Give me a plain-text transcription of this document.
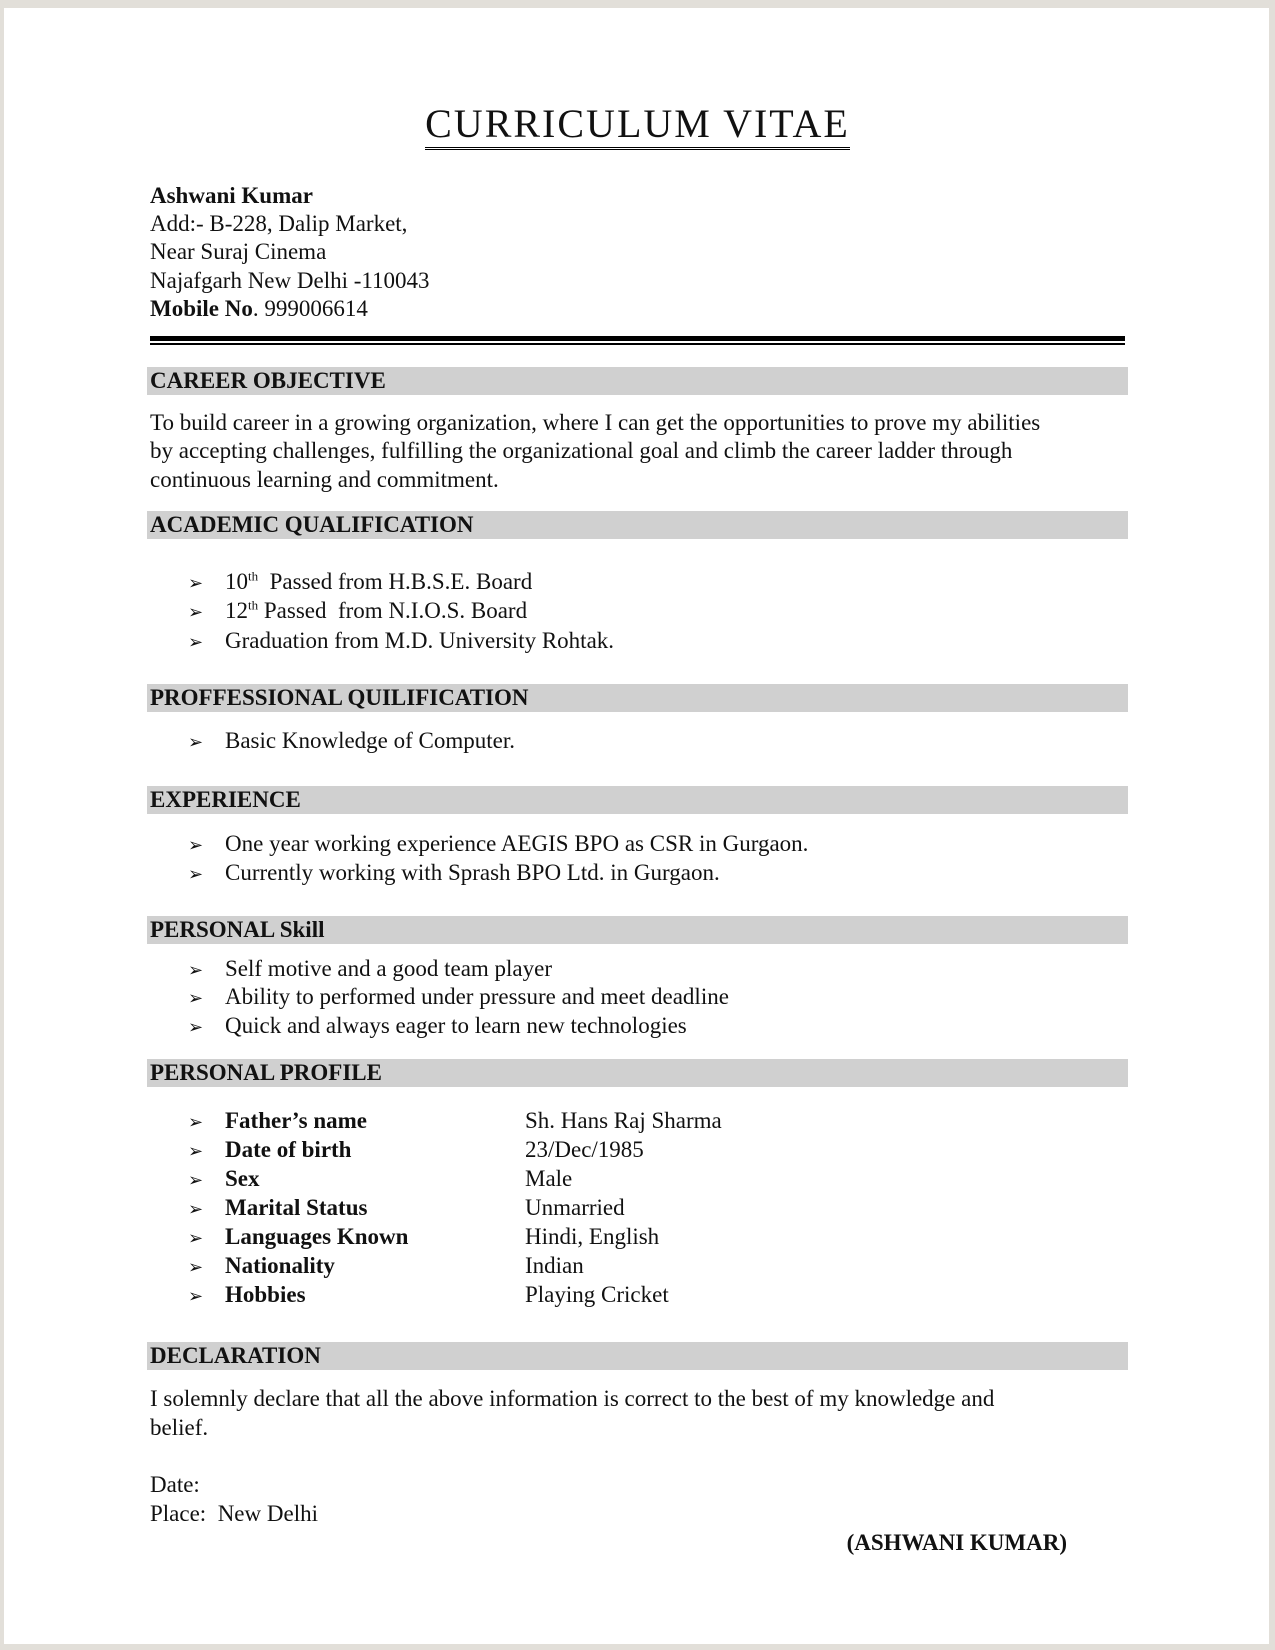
CURRICULUM VITAE
Ashwani Kumar
Add:- B-228, Dalip Market,
Near Suraj Cinema
Najafgarh New Delhi -110043
Mobile No. 999006614
CAREER OBJECTIVE
To build career in a growing organization, where I can get the opportunities to prove my abilities
by accepting challenges, fulfilling the organizational goal and climb the career ladder through
continuous learning and commitment.
ACADEMIC QUALIFICATION
➢ 10th  Passed from H.B.S.E. Board
➢ 12th Passed  from N.I.O.S. Board
➢ Graduation from M.D. University Rohtak.
PROFFESSIONAL QUILIFICATION
➢ Basic Knowledge of Computer.
EXPERIENCE
➢ One year working experience AEGIS BPO as CSR in Gurgaon.
➢ Currently working with Sprash BPO Ltd. in Gurgaon.
PERSONAL Skill
➢ Self motive and a good team player
➢ Ability to performed under pressure and meet deadline
➢ Quick and always eager to learn new technologies
PERSONAL PROFILE
➢ Father’s name	Sh. Hans Raj Sharma
➢ Date of birth	23/Dec/1985
➢ Sex	Male
➢ Marital Status	Unmarried
➢ Languages Known	Hindi, English
➢ Nationality	Indian
➢ Hobbies	Playing Cricket
DECLARATION
I solemnly declare that all the above information is correct to the best of my knowledge and
belief.
Date:
Place:  New Delhi
(ASHWANI KUMAR)
